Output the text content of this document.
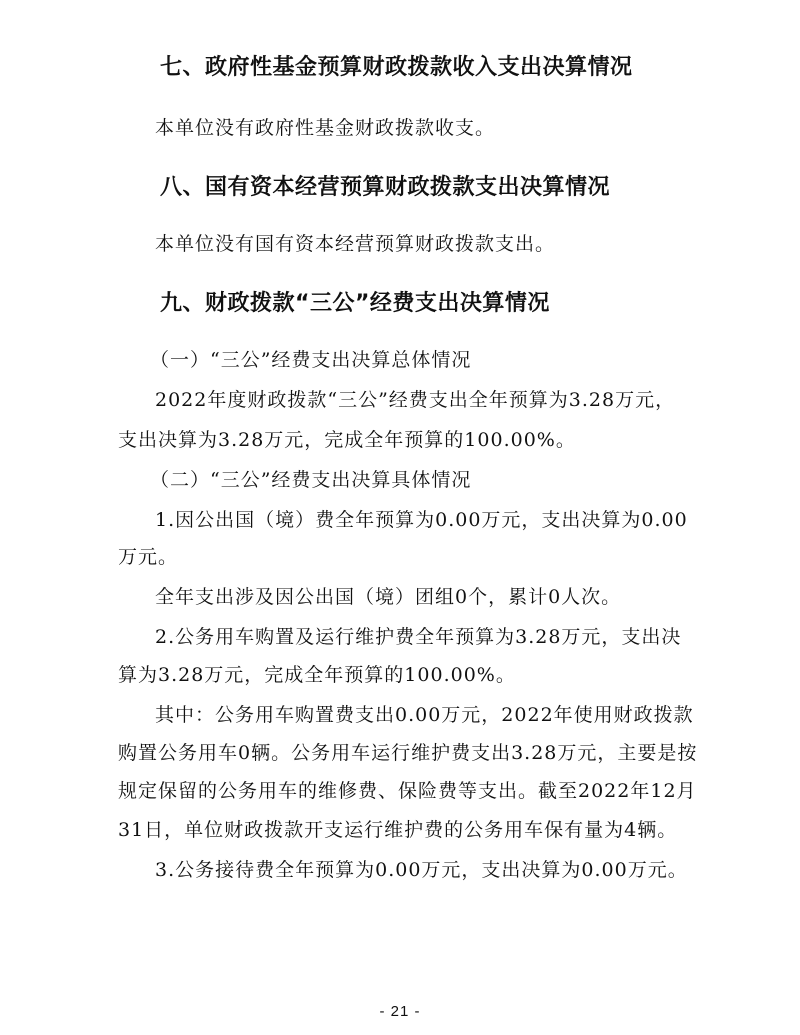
七、政府性基金预算财政拨款收入支出决算情况
本单位没有政府性基金财政拨款收支。
八、国有资本经营预算财政拨款支出决算情况
本单位没有国有资本经营预算财政拨款支出。
九、财政拨款“三公”经费支出决算情况
（一）“三公”经费支出决算总体情况
2022年度财政拨款“三公”经费支出全年预算为3.28万元，
支出决算为3.28万元，完成全年预算的100.00%。
（二）“三公”经费支出决算具体情况
1.因公出国（境）费全年预算为0.00万元，支出决算为0.00
万元。
全年支出涉及因公出国（境）团组0个，累计0人次。
2.公务用车购置及运行维护费全年预算为3.28万元，支出决
算为3.28万元，完成全年预算的100.00%。
其中：公务用车购置费支出0.00万元，2022年使用财政拨款
购置公务用车0辆。公务用车运行维护费支出3.28万元，主要是按
规定保留的公务用车的维修费、保险费等支出。截至2022年12月
31日，单位财政拨款开支运行维护费的公务用车保有量为4辆。
3.公务接待费全年预算为0.00万元，支出决算为0.00万元。
- 21 -
